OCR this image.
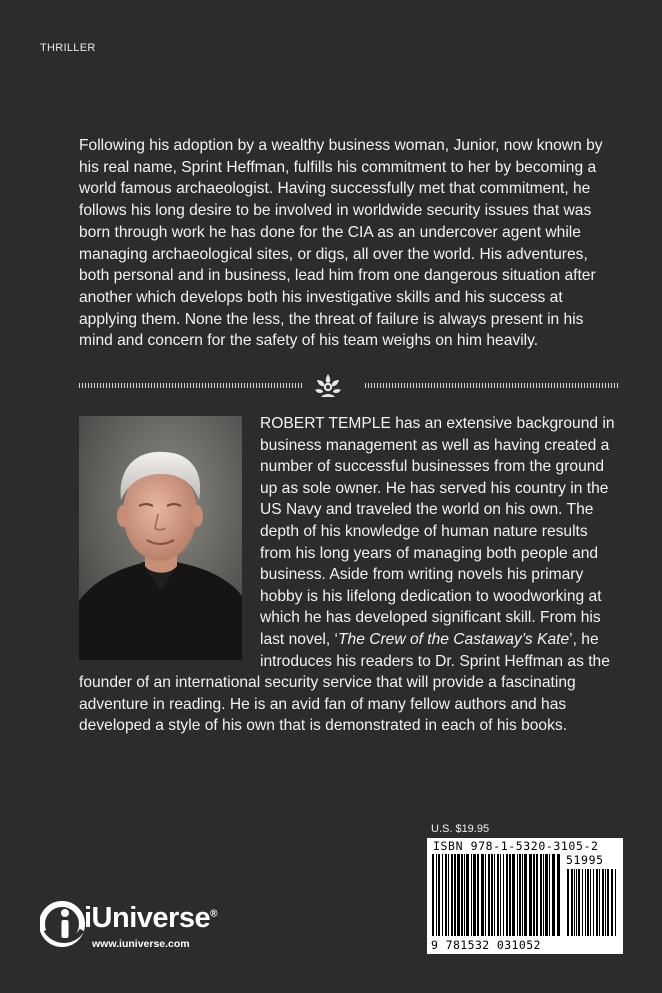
THRILLER

Following his adoption by a wealthy business woman, Junior, now known by his real name, Sprint Heffman, fulfills his commitment to her by becoming a world famous archaeologist. Having successfully met that commitment, he follows his long desire to be involved in worldwide security issues that was born through work he has done for the CIA as an undercover agent while managing archaeological sites, or digs, all over the world. His adventures, both personal and in business, lead him from one dangerous situation after another which develops both his investigative skills and his success at applying them. None the less, the threat of failure is always present in his mind and concern for the safety of his team weighs on him heavily.

ROBERT TEMPLE has an extensive background in business management as well as having created a number of successful businesses from the ground up as sole owner. He has served his country in the US Navy and traveled the world on his own. The depth of his knowledge of human nature results from his long years of managing both people and business. Aside from writing novels his primary hobby is his lifelong dedication to woodworking at which he has developed significant skill. From his last novel, ‘The Crew of the Castaway’s Kate’, he introduces his readers to Dr. Sprint Heffman as the founder of an international security service that will provide a fascinating adventure in reading. He is an avid fan of many fellow authors and has developed a style of his own that is demonstrated in each of his books.
U.S. $19.95
ISBN 978-1-5320-3105-2
51995
9 781532 031052
iUniverse®
www.iuniverse.com
